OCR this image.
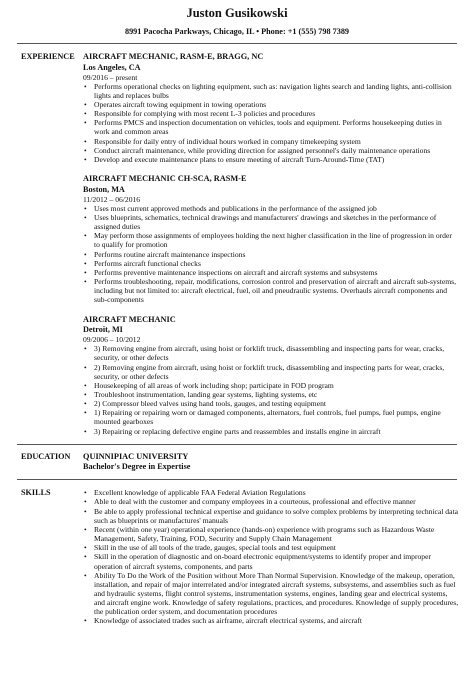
Juston Gusikowski
8991 Pacocha Parkways, Chicago, IL • Phone: +1 (555) 798 7389
EXPERIENCE	AIRCRAFT MECHANIC, RASM-E, BRAGG, NC
Los Angeles, CA
09/2016 – present
• Performs operational checks on lighting equipment, such as: navigation lights search and landing lights, anti-collision lights and replaces bulbs
• Operates aircraft towing equipment in towing operations
• Responsible for complying with most recent L-3 policies and procedures
• Performs PMCS and inspection documentation on vehicles, tools and equipment. Performs housekeeping duties in work and common areas
• Responsible for daily entry of individual hours worked in company timekeeping system
• Conduct aircraft maintenance, while providing direction for assigned personnel's daily maintenance operations
• Develop and execute maintenance plans to ensure meeting of aircraft Turn-Around-Time (TAT)
AIRCRAFT MECHANIC CH-SCA, RASM-E
Boston, MA
11/2012 – 06/2016
• Uses most current approved methods and publications in the performance of the assigned job
• Uses blueprints, schematics, technical drawings and manufacturers' drawings and sketches in the performance of assigned duties
• May perform those assignments of employees holding the next higher classification in the line of progression in order to qualify for promotion
• Performs routine aircraft maintenance inspections
• Performs aircraft functional checks
• Performs preventive maintenance inspections on aircraft and aircraft systems and subsystems
• Performs troubleshooting, repair, modifications, corrosion control and preservation of aircraft and aircraft sub-systems, including but not limited to: aircraft electrical, fuel, oil and pneudraulic systems. Overhauls aircraft components and sub-components
AIRCRAFT MECHANIC
Detroit, MI
09/2006 – 10/2012
• 3) Removing engine from aircraft, using hoist or forklift truck, disassembling and inspecting parts for wear, cracks, security, or other defects
• 2) Removing engine from aircraft, using hoist or forklift truck, disassembling and inspecting parts for wear, cracks, security, or other defects
• Housekeeping of all areas of work including shop; participate in FOD program
• Troubleshoot instrumentation, landing gear systems, lighting systems, etc
• 2) Compressor bleed valves using hand tools, gauges, and testing equipment
• 1) Repairing or repairing worn or damaged components, alternators, fuel controls, fuel pumps, fuel pumps, engine mounted gearboxes
• 3) Repairing or replacing defective engine parts and reassembles and installs engine in aircraft
EDUCATION	QUINNIPIAC UNIVERSITY
Bachelor's Degree in Expertise
SKILLS
•	Excellent knowledge of applicable FAA Federal Aviation Regulations
• Able to deal with the customer and company employees in a courteous, professional and effective manner
• Be able to apply professional technical expertise and guidance to solve complex problems by interpreting technical data such as blueprints or manufactures' manuals
• Recent (within one year) operational experience (hands-on) experience with programs such as Hazardous Waste Management, Safety, Training, FOD, Security and Supply Chain Management
• Skill in the use of all tools of the trade, gauges, special tools and test equipment
• Skill in the operation of diagnostic and on-board electronic equipment/systems to identify proper and improper operation of aircraft systems, components, and parts
• Ability To Do the Work of the Position without More Than Normal Supervision. Knowledge of the makeup, operation, installation, and repair of major interrelated and/or integrated aircraft systems, subsystems, and assemblies such as fuel and hydraulic systems, flight control systems, instrumentation systems, engines, landing gear and electrical systems, and aircraft engine work. Knowledge of safety regulations, practices, and procedures. Knowledge of supply procedures, the publication order system, and documentation procedures
• Knowledge of associated trades such as airframe, aircraft electrical systems, and aircraft
